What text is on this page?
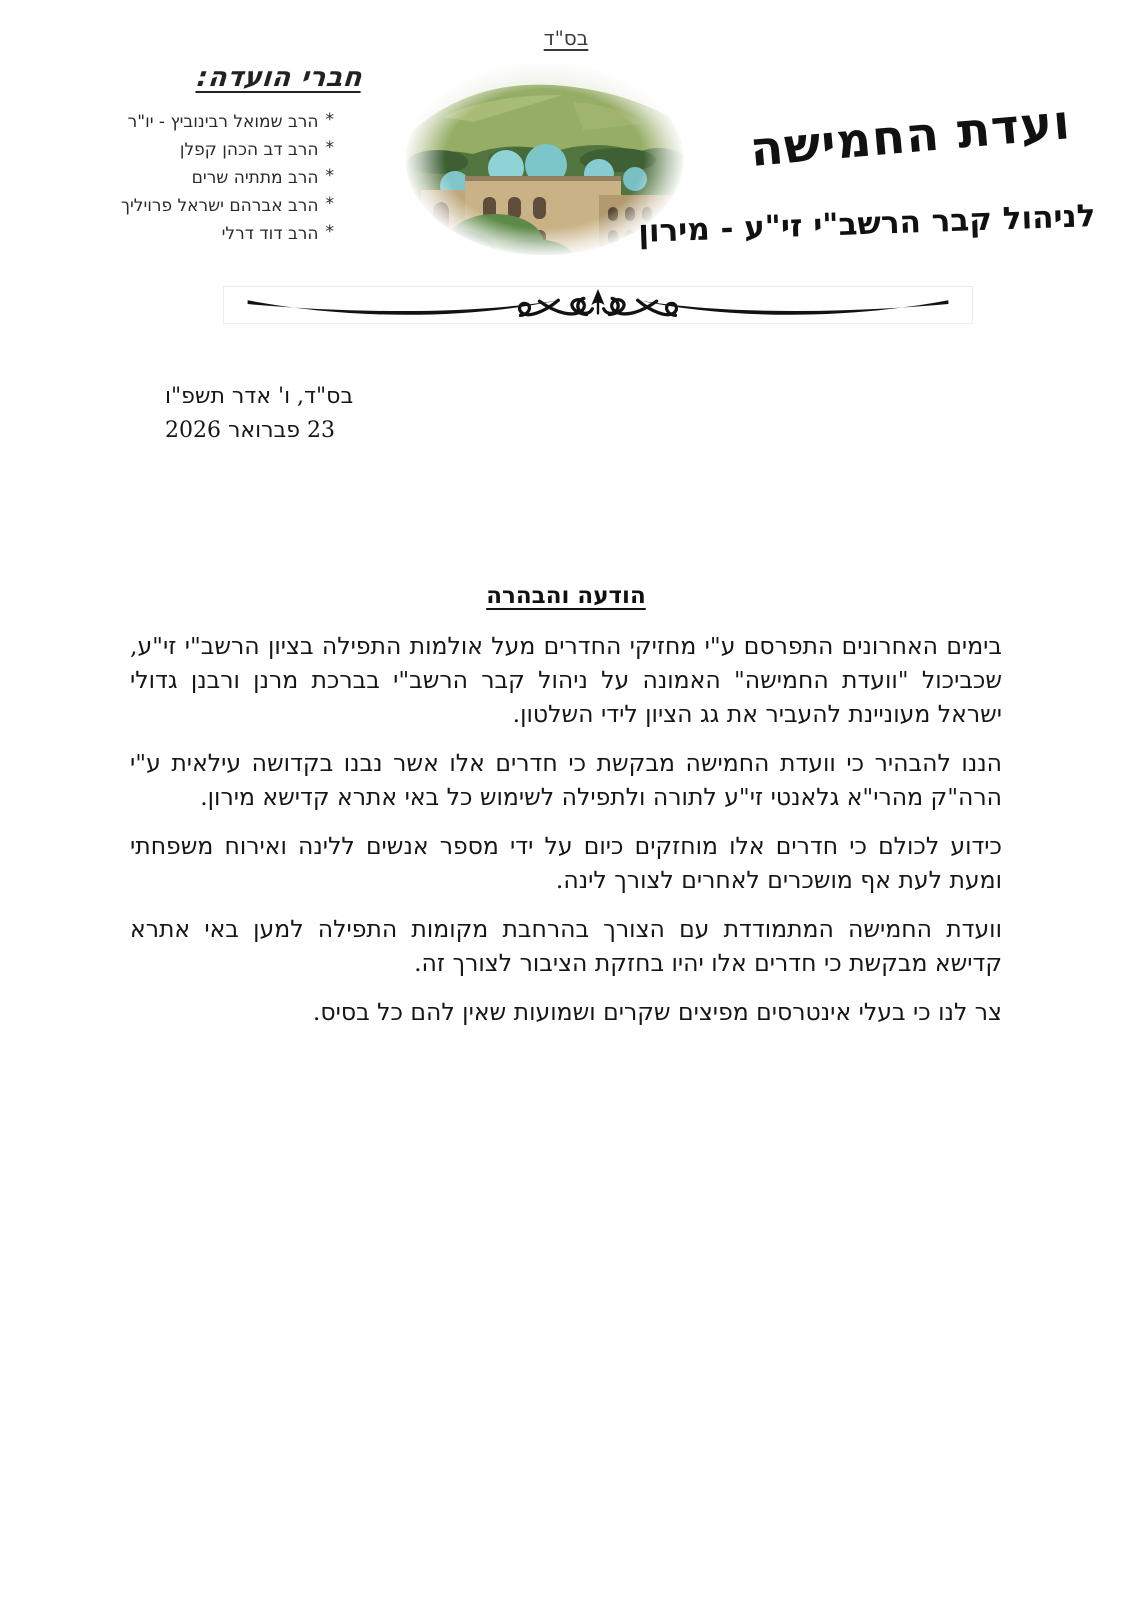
בס"ד
חברי הועדה:
*הרב שמואל רבינוביץ - יו"ר
*הרב דב הכהן קפלן
*הרב מתתיה שרים
*הרב אברהם ישראל פרויליך
*הרב דוד דרלי
ועדת החמישה
לניהול קבר הרשב"י זי"ע - מירון
בס"ד, ו' אדר תשפ"ו
23 פברואר 2026
הודעה והבהרה

בימים האחרונים התפרסם ע"י מחזיקי החדרים מעל אולמות התפילה בציון הרשב"י זי"ע, שכביכול "וועדת החמישה" האמונה על ניהול קבר הרשב"י בברכת מרנן ורבנן גדולי ישראל מעוניינת להעביר את גג הציון לידי השלטון.

הננו להבהיר כי וועדת החמישה מבקשת כי חדרים אלו אשר נבנו בקדושה עילאית ע"י הרה"ק מהרי"א גלאנטי זי"ע לתורה ולתפילה לשימוש כל באי אתרא קדישא מירון.

כידוע לכולם כי חדרים אלו מוחזקים כיום על ידי מספר אנשים ללינה ואירוח משפחתי ומעת לעת אף מושכרים לאחרים לצורך לינה.

וועדת החמישה המתמודדת עם הצורך בהרחבת מקומות התפילה למען באי אתרא קדישא מבקשת כי חדרים אלו יהיו בחזקת הציבור לצורך זה.

צר לנו כי בעלי אינטרסים מפיצים שקרים ושמועות שאין להם כל בסיס.
